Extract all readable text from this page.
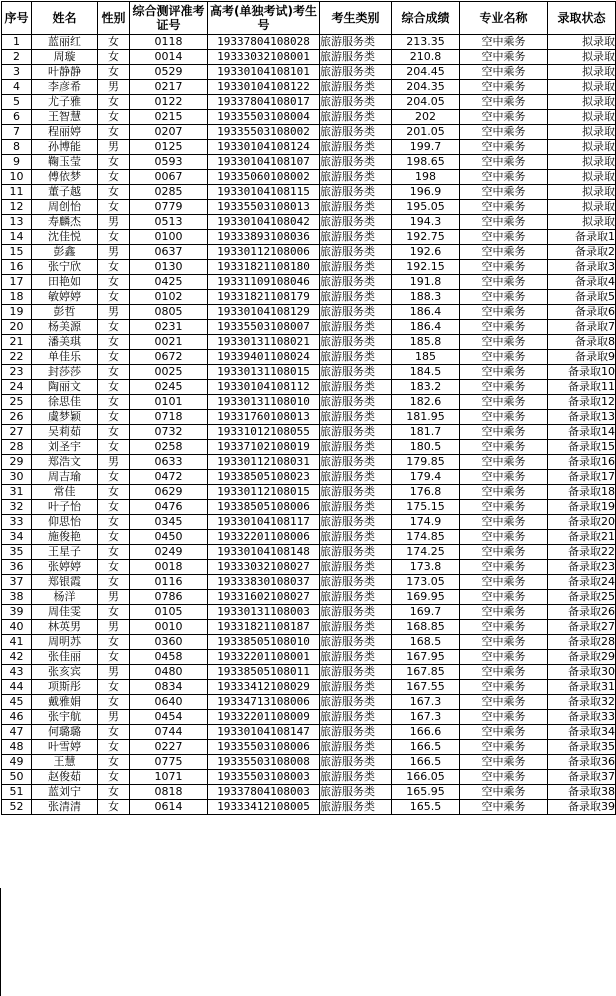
序号	姓名	性别	综合测评准考证号	高考(单独考试)考生号	考生类别	综合成绩	专业名称	录取状态
1	蓝丽红	女	0118	19337804108028	旅游服务类	213.35	空中乘务	拟录取
2	周璇	女	0014	19333032108001	旅游服务类	210.8	空中乘务	拟录取
3	叶静静	女	0529	19330104108101	旅游服务类	204.45	空中乘务	拟录取
4	李彦希	男	0217	19330104108122	旅游服务类	204.35	空中乘务	拟录取
5	尤子雅	女	0122	19337804108017	旅游服务类	204.05	空中乘务	拟录取
6	王智慧	女	0215	19335503108004	旅游服务类	202	空中乘务	拟录取
7	程丽婷	女	0207	19335503108002	旅游服务类	201.05	空中乘务	拟录取
8	孙博能	男	0125	19330104108124	旅游服务类	199.7	空中乘务	拟录取
9	鞠玉莹	女	0593	19330104108107	旅游服务类	198.65	空中乘务	拟录取
10	傅依梦	女	0067	19335060108002	旅游服务类	198	空中乘务	拟录取
11	董子越	女	0285	19330104108115	旅游服务类	196.9	空中乘务	拟录取
12	周创怡	女	0779	19335503108013	旅游服务类	195.05	空中乘务	拟录取
13	寿麟杰	男	0513	19330104108042	旅游服务类	194.3	空中乘务	拟录取
14	沈佳悦	女	0100	19333893108036	旅游服务类	192.75	空中乘务	备录取1
15	彭鑫	男	0637	19330112108006	旅游服务类	192.6	空中乘务	备录取2
16	张宁欣	女	0130	19331821108180	旅游服务类	192.15	空中乘务	备录取3
17	田艳如	女	0425	19331109108046	旅游服务类	191.8	空中乘务	备录取4
18	敏婷婷	女	0102	19331821108179	旅游服务类	188.3	空中乘务	备录取5
19	彭哲	男	0805	19330104108129	旅游服务类	186.4	空中乘务	备录取6
20	杨美源	女	0231	19335503108007	旅游服务类	186.4	空中乘务	备录取7
21	潘美琪	女	0021	19330131108021	旅游服务类	185.8	空中乘务	备录取8
22	单佳乐	女	0672	19339401108024	旅游服务类	185	空中乘务	备录取9
23	封莎莎	女	0025	19330131108015	旅游服务类	184.5	空中乘务	备录取10
24	陶丽文	女	0245	19330104108112	旅游服务类	183.2	空中乘务	备录取11
25	徐思佳	女	0101	19330131108010	旅游服务类	182.6	空中乘务	备录取12
26	虞梦颖	女	0718	19331760108013	旅游服务类	181.95	空中乘务	备录取13
27	吴莉茹	女	0732	19331012108055	旅游服务类	181.7	空中乘务	备录取14
28	刘圣宇	女	0258	19337102108019	旅游服务类	180.5	空中乘务	备录取15
29	郑浩文	男	0633	19330112108031	旅游服务类	179.85	空中乘务	备录取16
30	周吉瑜	女	0472	19338505108023	旅游服务类	179.4	空中乘务	备录取17
31	常佳	女	0629	19330112108015	旅游服务类	176.8	空中乘务	备录取18
32	叶子怡	女	0476	19338505108006	旅游服务类	175.15	空中乘务	备录取19
33	仰思怡	女	0345	19330104108117	旅游服务类	174.9	空中乘务	备录取20
34	施俊艳	女	0450	19332201108006	旅游服务类	174.85	空中乘务	备录取21
35	王星子	女	0249	19330104108148	旅游服务类	174.25	空中乘务	备录取22
36	张婷婷	女	0018	19333032108027	旅游服务类	173.8	空中乘务	备录取23
37	郑银霞	女	0116	19333830108037	旅游服务类	173.05	空中乘务	备录取24
38	杨洋	男	0786	19331602108027	旅游服务类	169.95	空中乘务	备录取25
39	周佳雯	女	0105	19330131108003	旅游服务类	169.7	空中乘务	备录取26
40	林英男	男	0010	19331821108187	旅游服务类	168.85	空中乘务	备录取27
41	周明苏	女	0360	19338505108010	旅游服务类	168.5	空中乘务	备录取28
42	张佳丽	女	0458	19332201108001	旅游服务类	167.95	空中乘务	备录取29
43	张亥宾	男	0480	19338505108011	旅游服务类	167.85	空中乘务	备录取30
44	项斯彤	女	0834	19333412108029	旅游服务类	167.55	空中乘务	备录取31
45	戴雅娟	女	0640	19334713108006	旅游服务类	167.3	空中乘务	备录取32
46	张宇航	男	0454	19332201108009	旅游服务类	167.3	空中乘务	备录取33
47	何璐璐	女	0744	19330104108147	旅游服务类	166.6	空中乘务	备录取34
48	叶雪婷	女	0227	19335503108006	旅游服务类	166.5	空中乘务	备录取35
49	王慧	女	0775	19335503108008	旅游服务类	166.5	空中乘务	备录取36
50	赵俊茹	女	1071	19335503108003	旅游服务类	166.05	空中乘务	备录取37
51	蓝刘宁	女	0818	19337804108003	旅游服务类	165.95	空中乘务	备录取38
52	张清清	女	0614	19333412108005	旅游服务类	165.5	空中乘务	备录取39
